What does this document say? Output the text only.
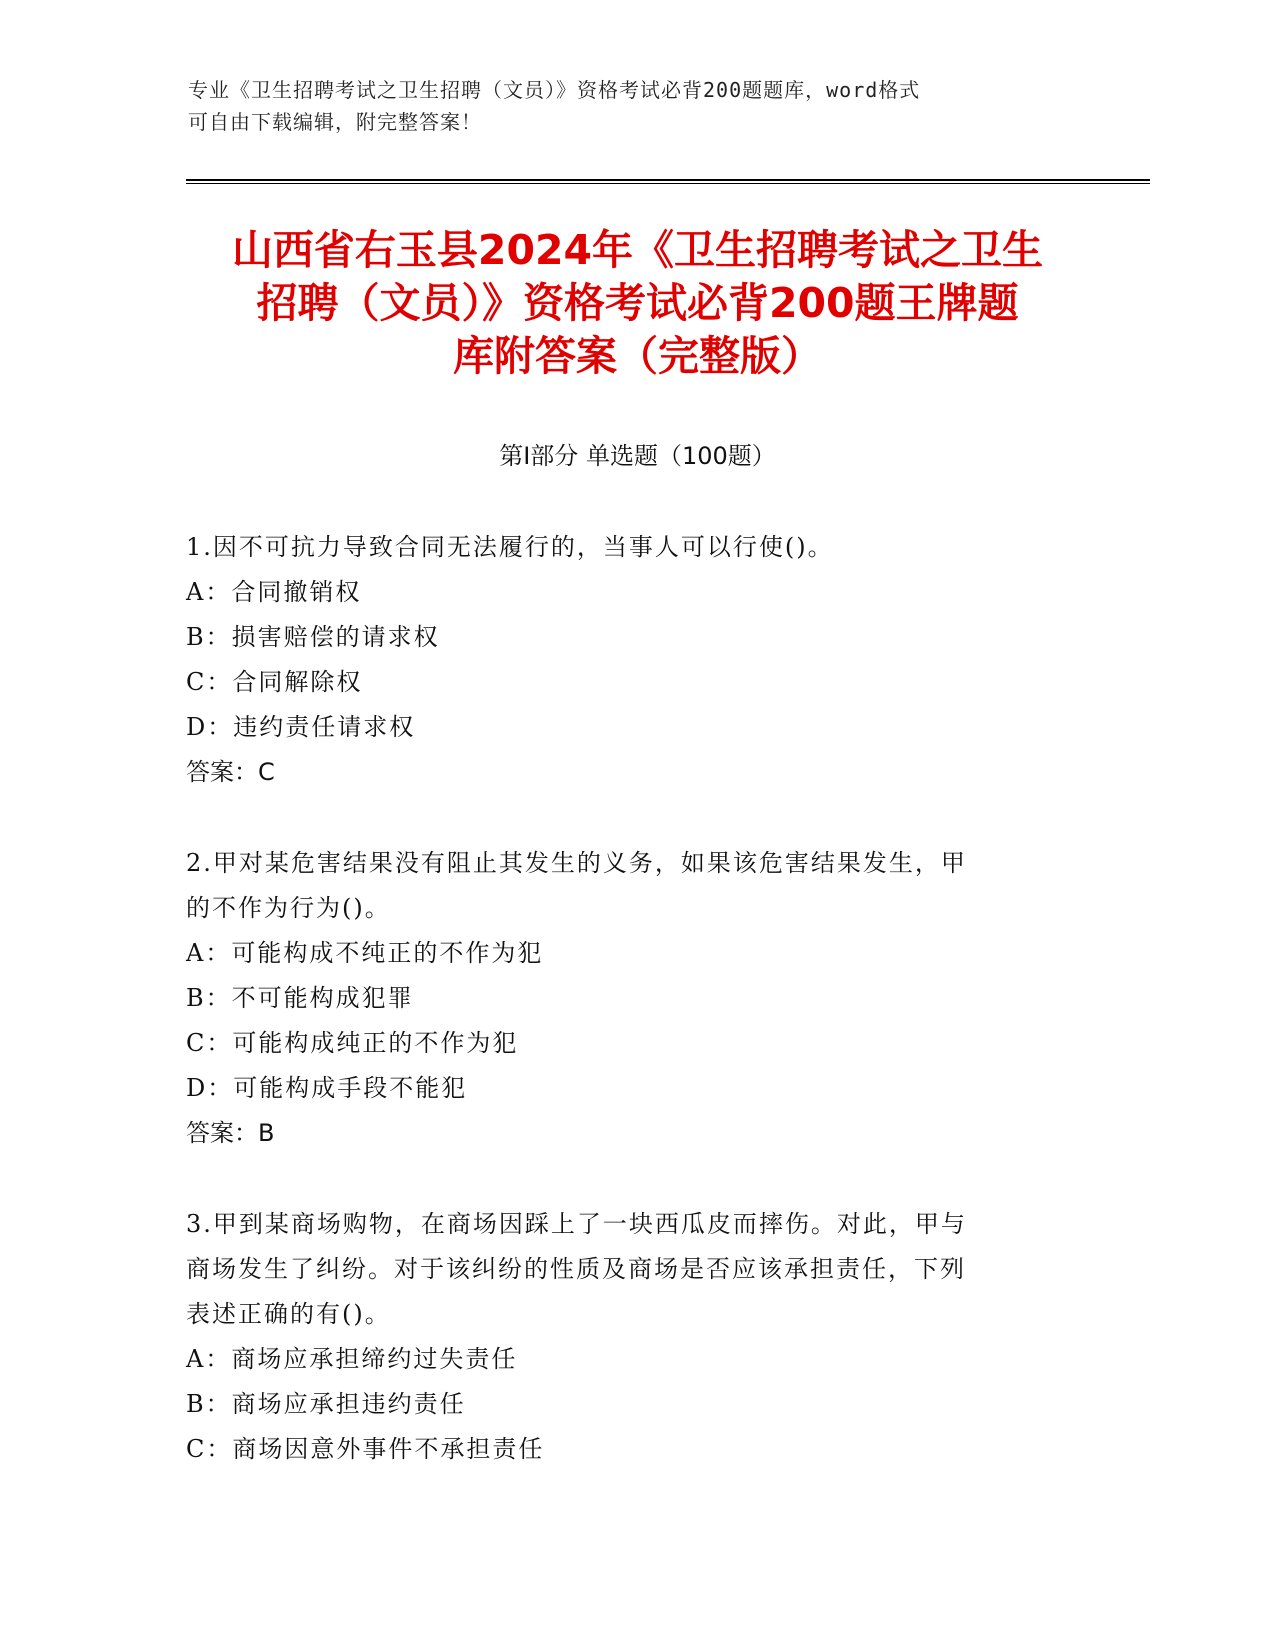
专业《卫生招聘考试之卫生招聘（文员）》资格考试必背200题题库，word格式
可自由下载编辑，附完整答案！
山西省右玉县2024年《卫生招聘考试之卫生
招聘（文员）》资格考试必背200题王牌题
库附答案（完整版）
第Ⅰ部分 单选题（100题）
1.因不可抗力导致合同无法履行的，当事人可以行使()。
A：合同撤销权
B：损害赔偿的请求权
C：合同解除权
D：违约责任请求权
答案：C
2.甲对某危害结果没有阻止其发生的义务，如果该危害结果发生，甲
的不作为行为()。
A：可能构成不纯正的不作为犯
B：不可能构成犯罪
C：可能构成纯正的不作为犯
D：可能构成手段不能犯
答案：B
3.甲到某商场购物，在商场因踩上了一块西瓜皮而摔伤。对此，甲与
商场发生了纠纷。对于该纠纷的性质及商场是否应该承担责任，下列
表述正确的有()。
A：商场应承担缔约过失责任
B：商场应承担违约责任
C：商场因意外事件不承担责任
